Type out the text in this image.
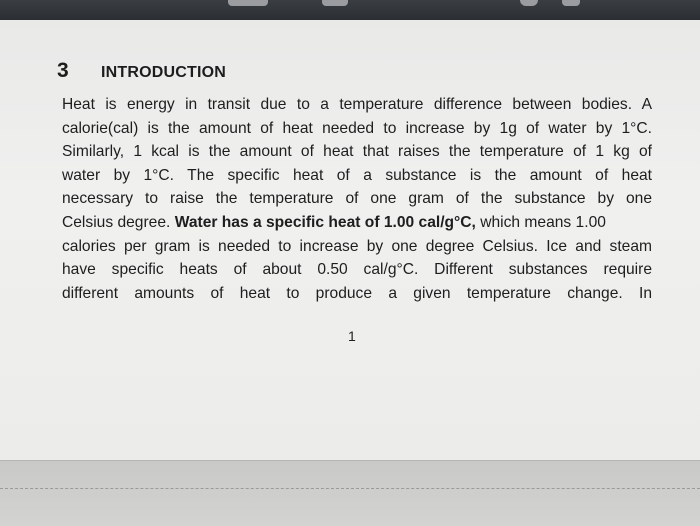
3 INTRODUCTION

Heat is energy in transit due to a temperature difference between bodies. A
calorie(cal) is the amount of heat needed to increase by 1g of water by 1°C.
Similarly, 1 kcal is the amount of heat that raises the temperature of 1 kg of
water by 1°C. The specific heat of a substance is the amount of heat
necessary to raise the temperature of one gram of the substance by one
Celsius degree. Water has a specific heat of 1.00 cal/g°C, which means 1.00
calories per gram is needed to increase by one degree Celsius. Ice and steam
have specific heats of about 0.50 cal/g°C. Different substances require
different amounts of heat to produce a given temperature change. In

1
